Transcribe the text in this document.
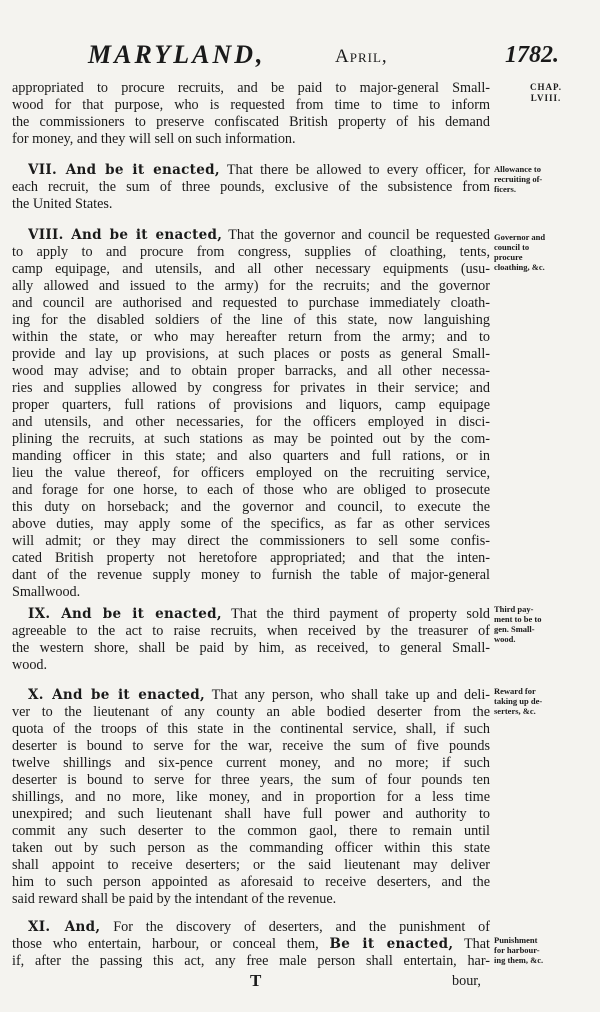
MARYLAND,	April,	1782.
CHAP.
LVIII.
appropriated to procure recruits, and be paid to major-general Small-
wood for that purpose, who is requested from time to time to inform
the commissioners to preserve confiscated British property of his demand
for money, and they will sell on such information.
VII. And be it enacted, That there be allowed to every officer, for
each recruit, the sum of three pounds, exclusive of the subsistence from
the United States.
Allowance to
recruiting of-
ficers.
VIII. And be it enacted, That the governor and council be requested
to apply to and procure from congress, supplies of cloathing, tents,
camp equipage, and utensils, and all other necessary equipments (usu-
ally allowed and issued to the army) for the recruits; and the governor
and council are authorised and requested to purchase immediately cloath-
ing for the disabled soldiers of the line of this state, now languishing
within the state, or who may hereafter return from the army; and to
provide and lay up provisions, at such places or posts as general Small-
wood may advise; and to obtain proper barracks, and all other necessa-
ries and supplies allowed by congress for privates in their service; and
proper quarters, full rations of provisions and liquors, camp equipage
and utensils, and other necessaries, for the officers employed in disci-
plining the recruits, at such stations as may be pointed out by the com-
manding officer in this state; and also quarters and full rations, or in
lieu the value thereof, for officers employed on the recruiting service,
and forage for one horse, to each of those who are obliged to prosecute
this duty on horseback; and the governor and council, to execute the
above duties, may apply some of the specifics, as far as other services
will admit; or they may direct the commissioners to sell some confis-
cated British property not heretofore appropriated; and that the inten-
dant of the revenue supply money to furnish the table of major-general
Smallwood.
Governor and
council to
procure
cloathing, &c.
IX. And be it enacted, That the third payment of property sold
agreeable to the act to raise recruits, when received by the treasurer of
the western shore, shall be paid by him, as received, to general Small-
wood.
Third pay-
ment to be to
gen. Small-
wood.
X. And be it enacted, That any person, who shall take up and deli-
ver to the lieutenant of any county an able bodied deserter from the
quota of the troops of this state in the continental service, shall, if such
deserter is bound to serve for the war, receive the sum of five pounds
twelve shillings and six-pence current money, and no more; if such
deserter is bound to serve for three years, the sum of four pounds ten
shillings, and no more, like money, and in proportion for a less time
unexpired; and such lieutenant shall have full power and authority to
commit any such deserter to the common gaol, there to remain until
taken out by such person as the commanding officer within this state
shall appoint to receive deserters; or the said lieutenant may deliver
him to such person appointed as aforesaid to receive deserters, and the
said reward shall be paid by the intendant of the revenue.
Reward for
taking up de-
serters, &c.
XI. And, For the discovery of deserters, and the punishment of
those who entertain, harbour, or conceal them, Be it enacted, That
if, after the passing this act, any free male person shall entertain, har-
Punishment
for harbour-
ing them, &c.
T	bour,
